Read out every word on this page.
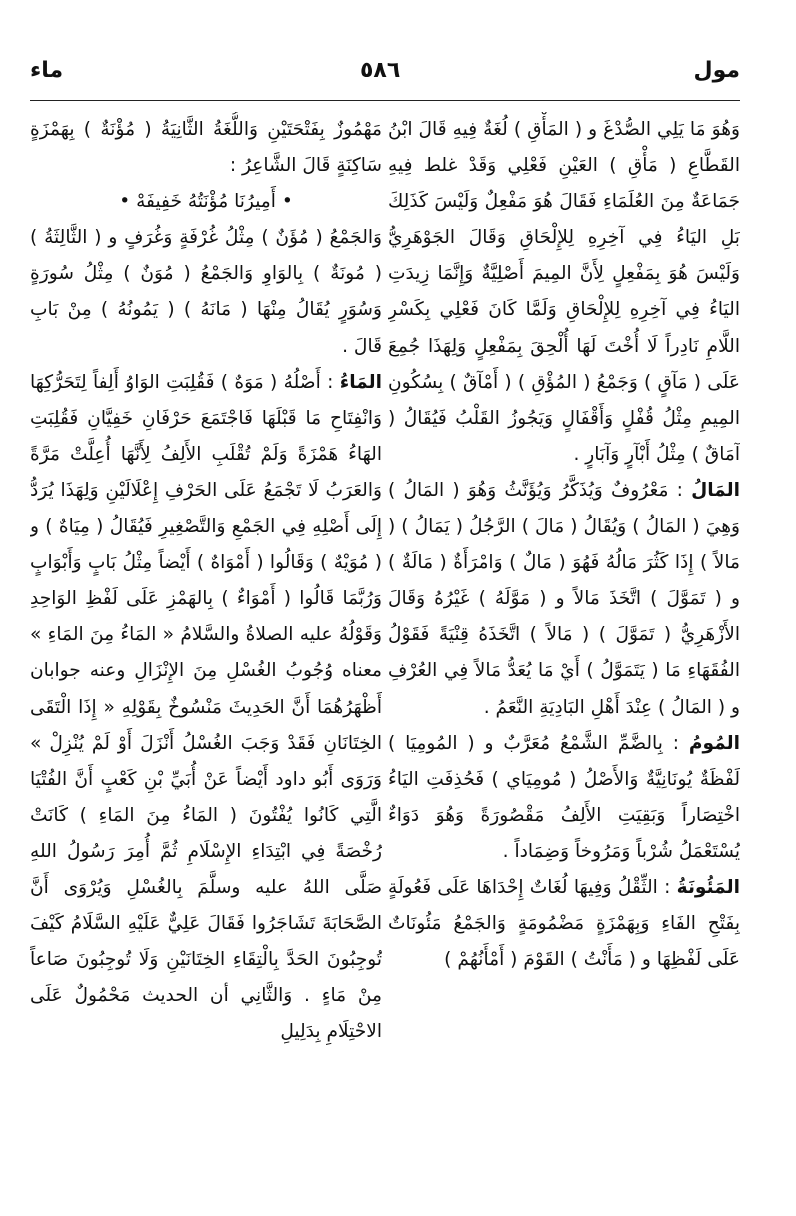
مول
٥٨٦
ماء

وَهُوَ مَا يَلِي الصُّدْغَ و ( المَأْقِ ) لُغَةٌ فِيهِ قَالَ ابْنُ القَطَّاعِ ( مَأْقِ ) العَيْنِ فَعْلِي وَقَدْ غلط فِيهِ جَمَاعَةٌ مِنَ العُلَمَاءِ فَقَالَ هُوَ مَفْعِلٌ وَلَيْسَ كَذَلِكَ بَلِ اليَاءُ فِي آخِرِهِ لِلإِلْحَاقِ وَقَالَ الجَوْهَرِيُّ وَلَيْسَ هُوَ بِمَفْعِلٍ لِأَنَّ المِيمَ أَصْلِيَّةٌ وَإِنَّمَا زِيدَتِ اليَاءُ فِي آخِرِهِ لِلإِلْحَاقِ وَلَمَّا كَانَ فَعْلِي بِكَسْرِ اللَّامِ نَادِراً لَا أُخْتَ لَهَا أُلْحِقَ بِمَفْعِلٍ وَلِهَذَا جُمِعَ عَلَى ( مَآقٍ ) وَجَمْعُ ( المُؤْقِ ) ( أَمْآقٌ ) بِسُكُونِ المِيمِ مِثْلُ قُفْلٍ وَأَقْفَالٍ وَيَجُوزُ القَلْبُ فَيُقَالُ ( آمَاقٌ ) مِثْلُ أَبْآرٍ وَآبَارٍ .

المَالُ : مَعْرُوفٌ وَيُذَكَّرُ وَيُؤَنَّثُ وَهُوَ ( المَالُ ) وَهِيَ ( المَالُ ) وَيُقَالُ ( مَالَ ) الرَّجُلُ ( يَمَالُ ) ( مَالاً ) إِذَا كَثُرَ مَالُهُ فَهُوَ ( مَالٌ ) وَامْرَأَةٌ ( مَالَةٌ ) و ( تَمَوَّلَ ) اتَّخَذَ مَالاً و ( مَوَّلَهُ ) غَيْرُهُ وَقَالَ الأَزْهَرِيُّ ( تَمَوَّلَ ) ( مَالاً ) اتَّخَذَهُ قِنْيَةً فَقَوْلُ الفُقَهَاءِ مَا ( يَتَمَوَّلُ ) أَيْ مَا يُعَدُّ مَالاً فِي العُرْفِ و ( المَالُ ) عِنْدَ أَهْلِ البَادِيَةِ النَّعَمُ .

المُومُ : بِالضَّمِّ الشَّمْعُ مُعَرَّبٌ و ( المُومِيَا ) لَفْظَةٌ يُونَانِيَّةٌ وَالأَصْلُ ( مُومِيَاي ) فَحُذِفَتِ اليَاءُ اخْتِصَاراً وَبَقِيَتِ الأَلِفُ مَقْصُورَةً وَهُوَ دَوَاءٌ يُسْتَعْمَلُ شُرْباً وَمَرُوخاً وَضِمَاداً .

المَئُونَةُ : الثِّقْلُ وَفِيهَا لُغَاتٌ إِحْدَاهَا عَلَى فَعُولَةٍ بِفَتْحِ الفَاءِ وَبِهَمْزَةٍ مَضْمُومَةٍ وَالجَمْعُ مَئُونَاتٌ عَلَى لَفْظِهَا و ( مَأَنْتُ ) القَوْمَ ( أَمْأَنُهُمْ )

مَهْمُوزٌ بِفَتْحَتَيْنِ وَاللُّغَةُ الثَّانِيَةُ ( مُؤْنَةٌ ) بِهَمْزَةٍ سَاكِنَةٍ قَالَ الشَّاعِرُ :

• أَمِيرُنَا مُؤْنَتُهُ خَفِيفَهْ •

وَالجَمْعُ ( مُؤَنٌ ) مِثْلُ غُرْفَةٍ وَغُرَفٍ و ( الثَّالِثَةُ ) ( مُونَةٌ ) بِالوَاوِ وَالجَمْعُ ( مُوَنٌ ) مِثْلُ سُورَةٍ وَسُوَرٍ يُقَالُ مِنْهَا ( مَانَهُ ) ( يَمُونُهُ ) مِنْ بَابِ قَالَ .

المَاءُ : أَصْلُهُ ( مَوَهٌ ) فَقُلِبَتِ الوَاوُ أَلِفاً لِتَحَرُّكِهَا وَانْفِتَاحِ مَا قَبْلَهَا فَاجْتَمَعَ حَرْفَانِ خَفِيَّانِ فَقُلِبَتِ الهَاءُ هَمْزَةً وَلَمْ تُقْلَبِ الأَلِفُ لِأَنَّهَا أُعِلَّتْ مَرَّةً وَالعَرَبُ لَا تَجْمَعُ عَلَى الحَرْفِ إِعْلَالَيْنِ وَلِهَذَا يُرَدُّ إِلَى أَصْلِهِ فِي الجَمْعِ وَالتَّصْغِيرِ فَيُقَالُ ( مِيَاهٌ ) و ( مُوَيْهٌ ) وَقَالُوا ( أَمْوَاهٌ ) أَيْضاً مِثْلُ بَابٍ وَأَبْوَابٍ وَرُبَّمَا قَالُوا ( أَمْوَاءٌ ) بِالهَمْزِ عَلَى لَفْظِ الوَاحِدِ وَقَوْلُهُ عليه الصلاةُ والسَّلامُ « المَاءُ مِنَ المَاءِ » معناه وُجُوبُ الغُسْلِ مِنَ الإِنْزَالِ وعنه جوابان أَظْهَرُهُمَا أَنَّ الحَدِيثَ مَنْسُوخٌ بِقَوْلِهِ « إِذَا الْتَقَى الخِتَانَانِ فَقَدْ وَجَبَ الغُسْلُ أَنْزَلَ أَوْ لَمْ يُنْزِلْ » وَرَوَى أَبُو داود أَيْضاً عَنْ أُبَيِّ بْنِ كَعْبٍ أَنَّ الفُتْيَا الَّتِي كَانُوا يُفْتُونَ ( المَاءُ مِنَ المَاءِ ) كَانَتْ رُخْصَةً فِي ابْتِدَاءِ الإِسْلَامِ ثُمَّ أُمِرَ رَسُولُ اللهِ صَلَّى اللهُ عليه وسلَّمَ بِالغُسْلِ وَيُرْوَى أَنَّ الصَّحَابَةَ تَشَاجَرُوا فَقَالَ عَلِيٌّ عَلَيْهِ السَّلَامُ كَيْفَ تُوجِبُونَ الحَدَّ بِالْتِقَاءِ الخِتَانَيْنِ وَلَا تُوجِبُونَ صَاعاً مِنْ مَاءٍ . وَالثَّانِي أن الحديث مَحْمُولٌ عَلَى الاحْتِلَامِ بِدَلِيلِ
